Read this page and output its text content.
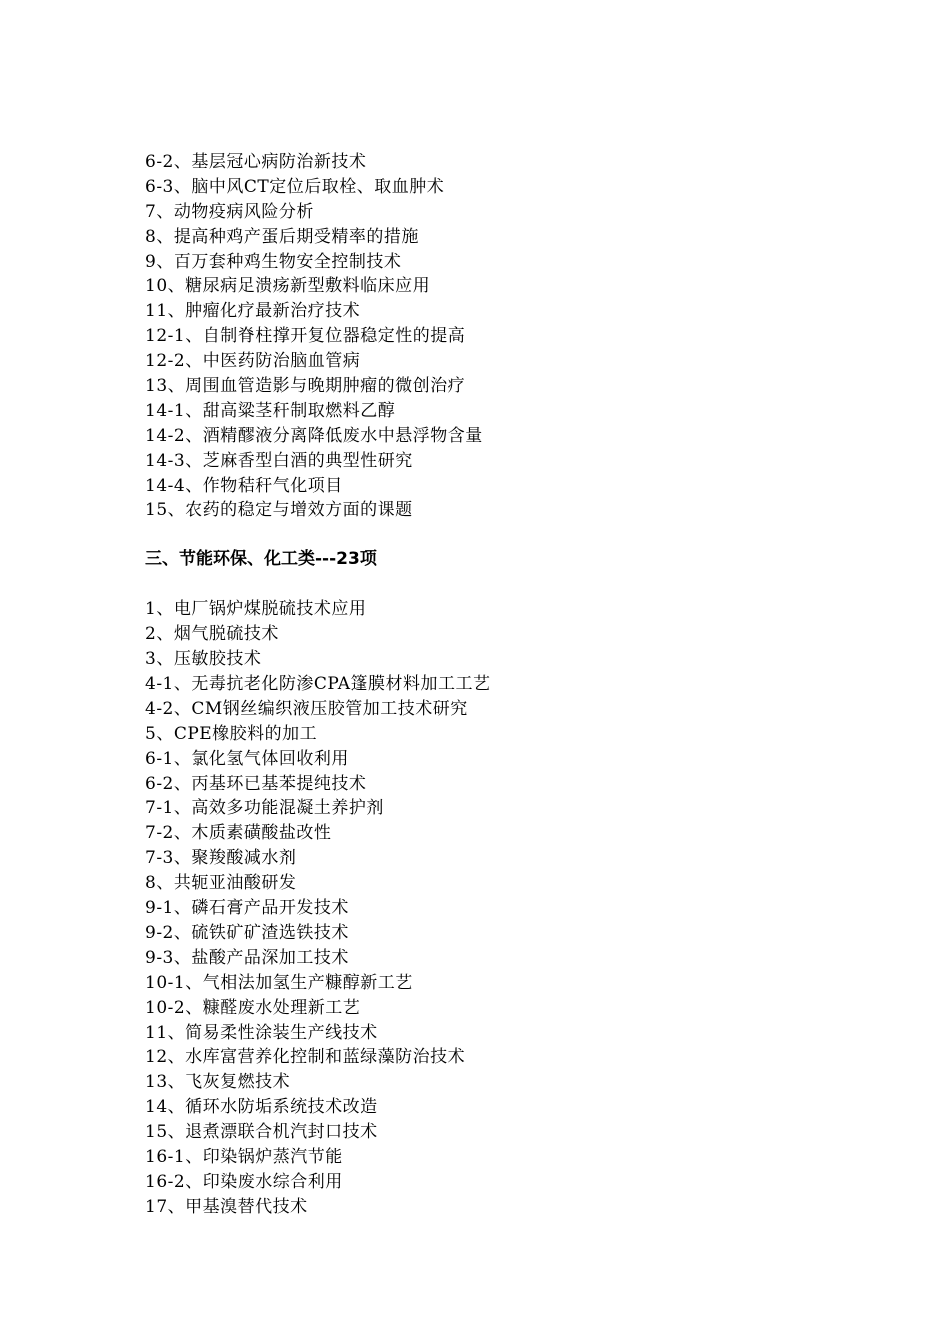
6-2、基层冠心病防治新技术
6-3、脑中风CT定位后取栓、取血肿术
7、动物疫病风险分析
8、提高种鸡产蛋后期受精率的措施
9、百万套种鸡生物安全控制技术
10、糖尿病足溃疡新型敷料临床应用
11、肿瘤化疗最新治疗技术
12-1、自制脊柱撑开复位器稳定性的提高
12-2、中医药防治脑血管病
13、周围血管造影与晚期肿瘤的微创治疗
14-1、甜高粱茎秆制取燃料乙醇
14-2、酒精醪液分离降低废水中悬浮物含量
14-3、芝麻香型白酒的典型性研究
14-4、作物秸秆气化项目
15、农药的稳定与增效方面的课题
三、节能环保、化工类---23项
1、电厂锅炉煤脱硫技术应用
2、烟气脱硫技术
3、压敏胶技术
4-1、无毒抗老化防渗CPA篷膜材料加工工艺
4-2、CM钢丝编织液压胶管加工技术研究
5、CPE橡胶料的加工
6-1、氯化氢气体回收利用
6-2、丙基环已基苯提纯技术
7-1、高效多功能混凝土养护剂
7-2、木质素磺酸盐改性
7-3、聚羧酸减水剂
8、共轭亚油酸研发
9-1、磷石膏产品开发技术
9-2、硫铁矿矿渣选铁技术
9-3、盐酸产品深加工技术
10-1、气相法加氢生产糠醇新工艺
10-2、糠醛废水处理新工艺
11、简易柔性涂装生产线技术
12、水库富营养化控制和蓝绿藻防治技术
13、飞灰复燃技术
14、循环水防垢系统技术改造
15、退煮漂联合机汽封口技术
16-1、印染锅炉蒸汽节能
16-2、印染废水综合利用
17、甲基溴替代技术
